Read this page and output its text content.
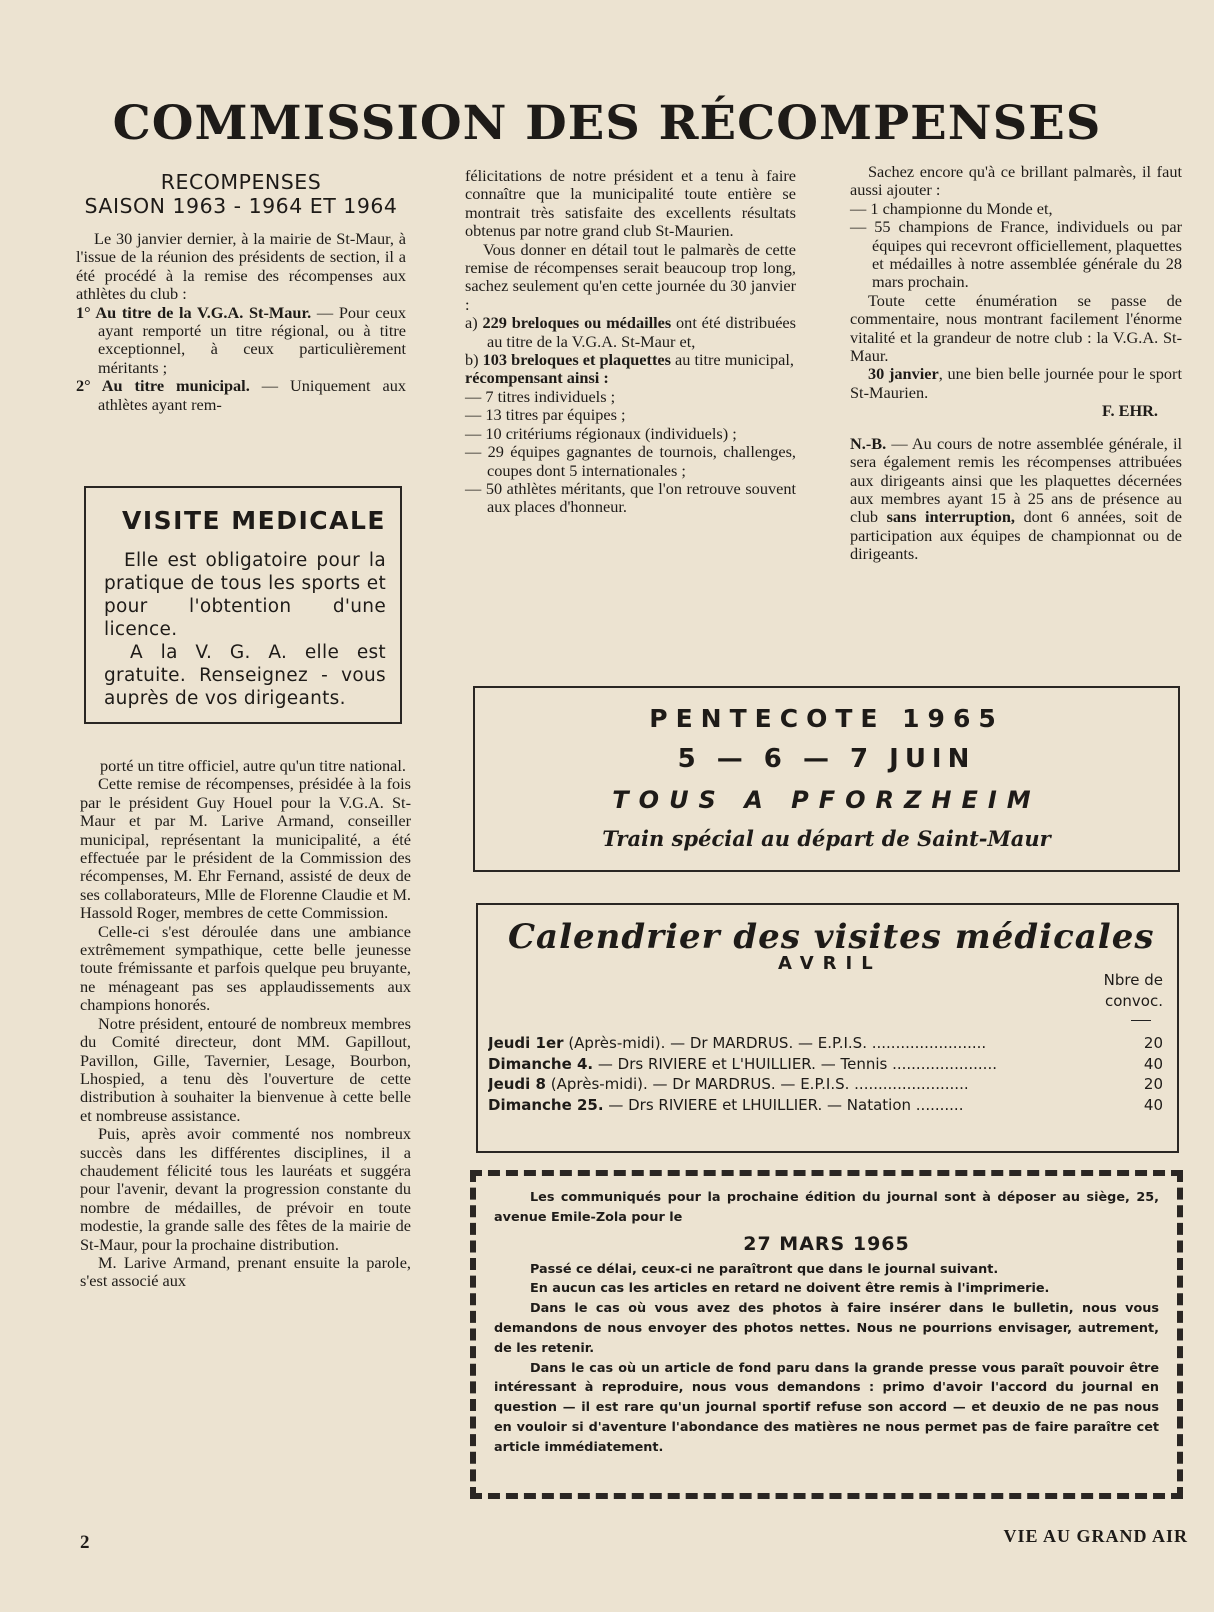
COMMISSION DES RÉCOMPENSES
RECOMPENSES
SAISON 1963 - 1964 ET 1964

Le 30 janvier dernier, à la mairie de St-Maur, à l'issue de la réunion des présidents de section, il a été procédé à la remise des récompenses aux athlètes du club :

1° Au titre de la V.G.A. St-Maur. — Pour ceux ayant remporté un titre régional, ou à titre exceptionnel, à ceux particulièrement méritants ;

2° Au titre municipal. — Uniquement aux athlètes ayant rem-

VISITE MEDICALE
Elle est obligatoire pour la pratique de tous les sports et pour l'obtention d'une licence.
A la V. G. A. elle est gratuite. Renseignez - vous auprès de vos dirigeants.

porté un titre officiel, autre qu'un titre national.

Cette remise de récompenses, présidée à la fois par le président Guy Houel pour la V.G.A. St-Maur et par M. Larive Armand, conseiller municipal, représentant la municipalité, a été effectuée par le président de la Commission des récompenses, M. Ehr Fernand, assisté de deux de ses collaborateurs, Mlle de Florenne Claudie et M. Hassold Roger, membres de cette Commission.

Celle-ci s'est déroulée dans une ambiance extrêmement sympathique, cette belle jeunesse toute frémissante et parfois quelque peu bruyante, ne ménageant pas ses applaudissements aux champions honorés.

Notre président, entouré de nombreux membres du Comité directeur, dont MM. Gapillout, Pavillon, Gille, Tavernier, Lesage, Bourbon, Lhospied, a tenu dès l'ouverture de cette distribution à souhaiter la bienvenue à cette belle et nombreuse assistance.

Puis, après avoir commenté nos nombreux succès dans les différentes disciplines, il a chaudement félicité tous les lauréats et suggéra pour l'avenir, devant la progression constante du nombre de médailles, de prévoir en toute modestie, la grande salle des fêtes de la mairie de St-Maur, pour la prochaine distribution.

M. Larive Armand, prenant ensuite la parole, s'est associé aux

félicitations de notre président et a tenu à faire connaître que la municipalité toute entière se montrait très satisfaite des excellents résultats obtenus par notre grand club St-Maurien.

Vous donner en détail tout le palmarès de cette remise de récompenses serait beaucoup trop long, sachez seulement qu'en cette journée du 30 janvier :

a) 229 breloques ou médailles ont été distribuées au titre de la V.G.A. St-Maur et,

b) 103 breloques et plaquettes au titre municipal,

récompensant ainsi :

— 7 titres individuels ;

— 13 titres par équipes ;

— 10 critériums régionaux (individuels) ;

— 29 équipes gagnantes de tournois, challenges, coupes dont 5 internationales ;

— 50 athlètes méritants, que l'on retrouve souvent aux places d'honneur.

Sachez encore qu'à ce brillant palmarès, il faut aussi ajouter :

— 1 championne du Monde et,

— 55 champions de France, individuels ou par équipes qui recevront officiellement, plaquettes et médailles à notre assemblée générale du 28 mars prochain.

Toute cette énumération se passe de commentaire, nous montrant facilement l'énorme vitalité et la grandeur de notre club : la V.G.A. St-Maur.

30 janvier, une bien belle journée pour le sport St-Maurien.

F. EHR.

N.-B. — Au cours de notre assemblée générale, il sera également remis les récompenses attribuées aux dirigeants ainsi que les plaquettes décernées aux membres ayant 15 à 25 ans de présence au club sans interruption, dont 6 années, soit de participation aux équipes de championnat ou de dirigeants.

PENTECOTE 1965
5 — 6 — 7 JUIN
TOUS A PFORZHEIM
Train spécial au départ de Saint-Maur
Calendrier des visites médicales
AVRIL
Nbre de
convoc.
Jeudi 1er (Après-midi). — Dr MARDRUS. — E.P.I.S. ........................	20
Dimanche 4. — Drs RIVIERE et L'HUILLIER. — Tennis ......................	40
Jeudi 8 (Après-midi). — Dr MARDRUS. — E.P.I.S. ........................	20
Dimanche 25. — Drs RIVIERE et LHUILLIER. — Natation ..........	40

Les communiqués pour la prochaine édition du journal sont à déposer au siège, 25, avenue Emile-Zola pour le

27 MARS 1965

Passé ce délai, ceux-ci ne paraîtront que dans le journal suivant.

En aucun cas les articles en retard ne doivent être remis à l'imprimerie.

Dans le cas où vous avez des photos à faire insérer dans le bulletin, nous vous demandons de nous envoyer des photos nettes. Nous ne pourrions envisager, autrement, de les retenir.

Dans le cas où un article de fond paru dans la grande presse vous paraît pouvoir être intéressant à reproduire, nous vous demandons : primo d'avoir l'accord du journal en question — il est rare qu'un journal sportif refuse son accord — et deuxio de ne pas nous en vouloir si d'aventure l'abondance des matières ne nous permet pas de faire paraître cet article immédiatement.

2	VIE AU GRAND AIR
